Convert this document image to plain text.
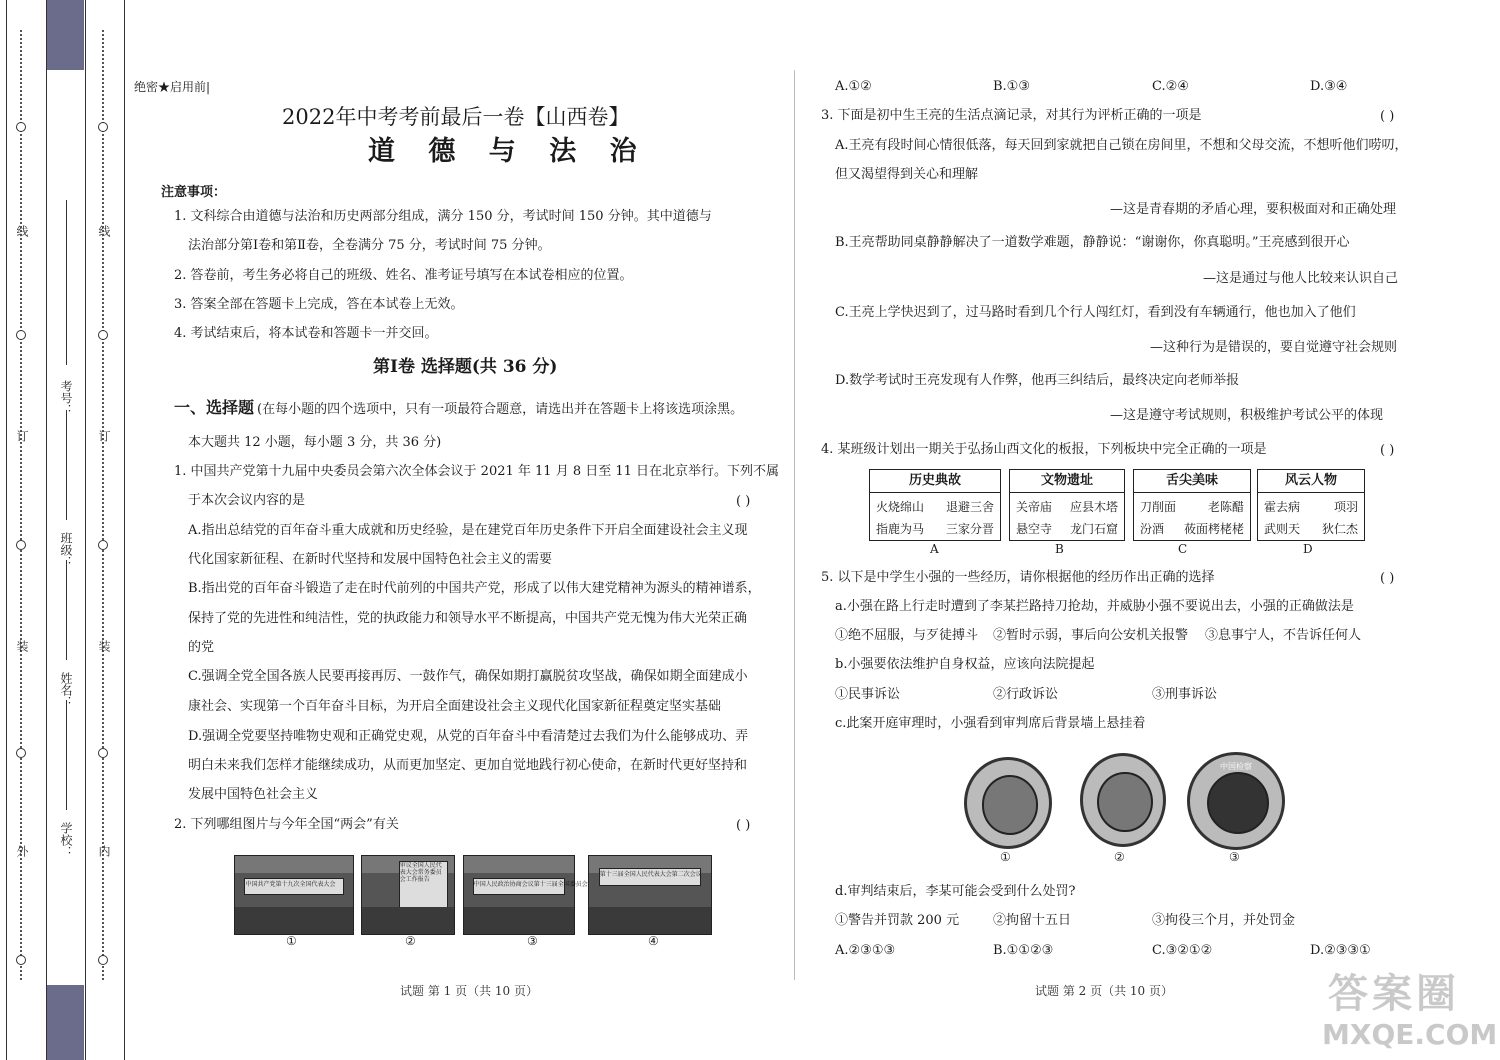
外
装
订
线
内
装
订
线
学校：
姓名：
班级：
考号：
绝密★启用前|
2022年中考考前最后一卷【山西卷】
道 德 与 法 治
注意事项：
1. 文科综合由道德与法治和历史两部分组成，满分 150 分，考试时间 150 分钟。其中道德与
法治部分第Ⅰ卷和第Ⅱ卷，全卷满分 75 分，考试时间 75 分钟。
2. 答卷前，考生务必将自己的班级、姓名、准考证号填写在本试卷相应的位置。
3. 答案全部在答题卡上完成，答在本试卷上无效。
4. 考试结束后，将本试卷和答题卡一并交回。
第Ⅰ卷 选择题(共 36 分)
一、选择题 (在每小题的四个选项中，只有一项最符合题意，请选出并在答题卡上将该选项涂黑。
本大题共 12 小题，每小题 3 分，共 36 分)
1. 中国共产党第十九届中央委员会第六次全体会议于 2021 年 11 月 8 日至 11 日在北京举行。下列不属
于本次会议内容的是	( )
A.指出总结党的百年奋斗重大成就和历史经验，是在建党百年历史条件下开启全面建设社会主义现
代化国家新征程、在新时代坚持和发展中国特色社会主义的需要
B.指出党的百年奋斗锻造了走在时代前列的中国共产党，形成了以伟大建党精神为源头的精神谱系，
保持了党的先进性和纯洁性，党的执政能力和领导水平不断提高，中国共产党无愧为伟大光荣正确
的党
C.强调全党全国各族人民要再接再厉、一鼓作气，确保如期打赢脱贫攻坚战，确保如期全面建成小
康社会、实现第一个百年奋斗目标，为开启全面建设社会主义现代化国家新征程奠定坚实基础
D.强调全党要坚持唯物史观和正确党史观，从党的百年奋斗中看清楚过去我们为什么能够成功、弄
明白未来我们怎样才能继续成功，从而更加坚定、更加自觉地践行初心使命，在新时代更好坚持和
发展中国特色社会主义
2. 下列哪组图片与今年全国“两会”有关	( )
中国共产党第十九次全国代表大会
审议全国人民代表大会常务委员会工作报告
中国人民政治协商会议第十三届全国委员会
第十三届全国人民代表大会第二次会议
①	②	③	④
试题 第 1 页（共 10 页）
A.①②	B.①③	C.②④	D.③④
3. 下面是初中生王亮的生活点滴记录，对其行为评析正确的一项是	( )
A.王亮有段时间心情很低落，每天回到家就把自己锁在房间里，不想和父母交流，不想听他们唠叨，
但又渴望得到关心和理解
—这是青春期的矛盾心理，要积极面对和正确处理
B.王亮帮助同桌静静解决了一道数学难题，静静说：“谢谢你，你真聪明。”王亮感到很开心
—这是通过与他人比较来认识自己
C.王亮上学快迟到了，过马路时看到几个行人闯红灯，看到没有车辆通行，他也加入了他们
—这种行为是错误的，要自觉遵守社会规则
D.数学考试时王亮发现有人作弊，他再三纠结后，最终决定向老师举报
—这是遵守考试规则，积极维护考试公平的体现
4. 某班级计划出一期关于弘扬山西文化的板报，下列板块中完全正确的一项是	( )
历史典故
火烧绵山 退避三舍
指鹿为马 三家分晋
文物遗址
关帝庙 应县木塔
悬空寺 龙门石窟
舌尖美味
刀削面	老陈醋
汾酒 莜面栲栳栳
风云人物
霍去病	项羽
武则天 狄仁杰
A	B	C	D
5. 以下是中学生小强的一些经历，请你根据他的经历作出正确的选择	( )
a.小强在路上行走时遭到了李某拦路持刀抢劫，并威胁小强不要说出去，小强的正确做法是
①绝不屈服，与歹徒搏斗 ②暂时示弱，事后向公安机关报警 ③息事宁人，不告诉任何人
b.小强要依法维护自身权益，应该向法院提起
①民事诉讼	②行政诉讼	③刑事诉讼
c.此案开庭审理时，小强看到审判席后背景墙上悬挂着
中国检察
①	②	③
d.审判结束后，李某可能会受到什么处罚?
①警告并罚款 200 元	②拘留十五日	③拘役三个月，并处罚金
A.②③①③	B.①①②③	C.③②①②	D.②③③①
试题 第 2 页（共 10 页）	答案圈
MXQE.COM
